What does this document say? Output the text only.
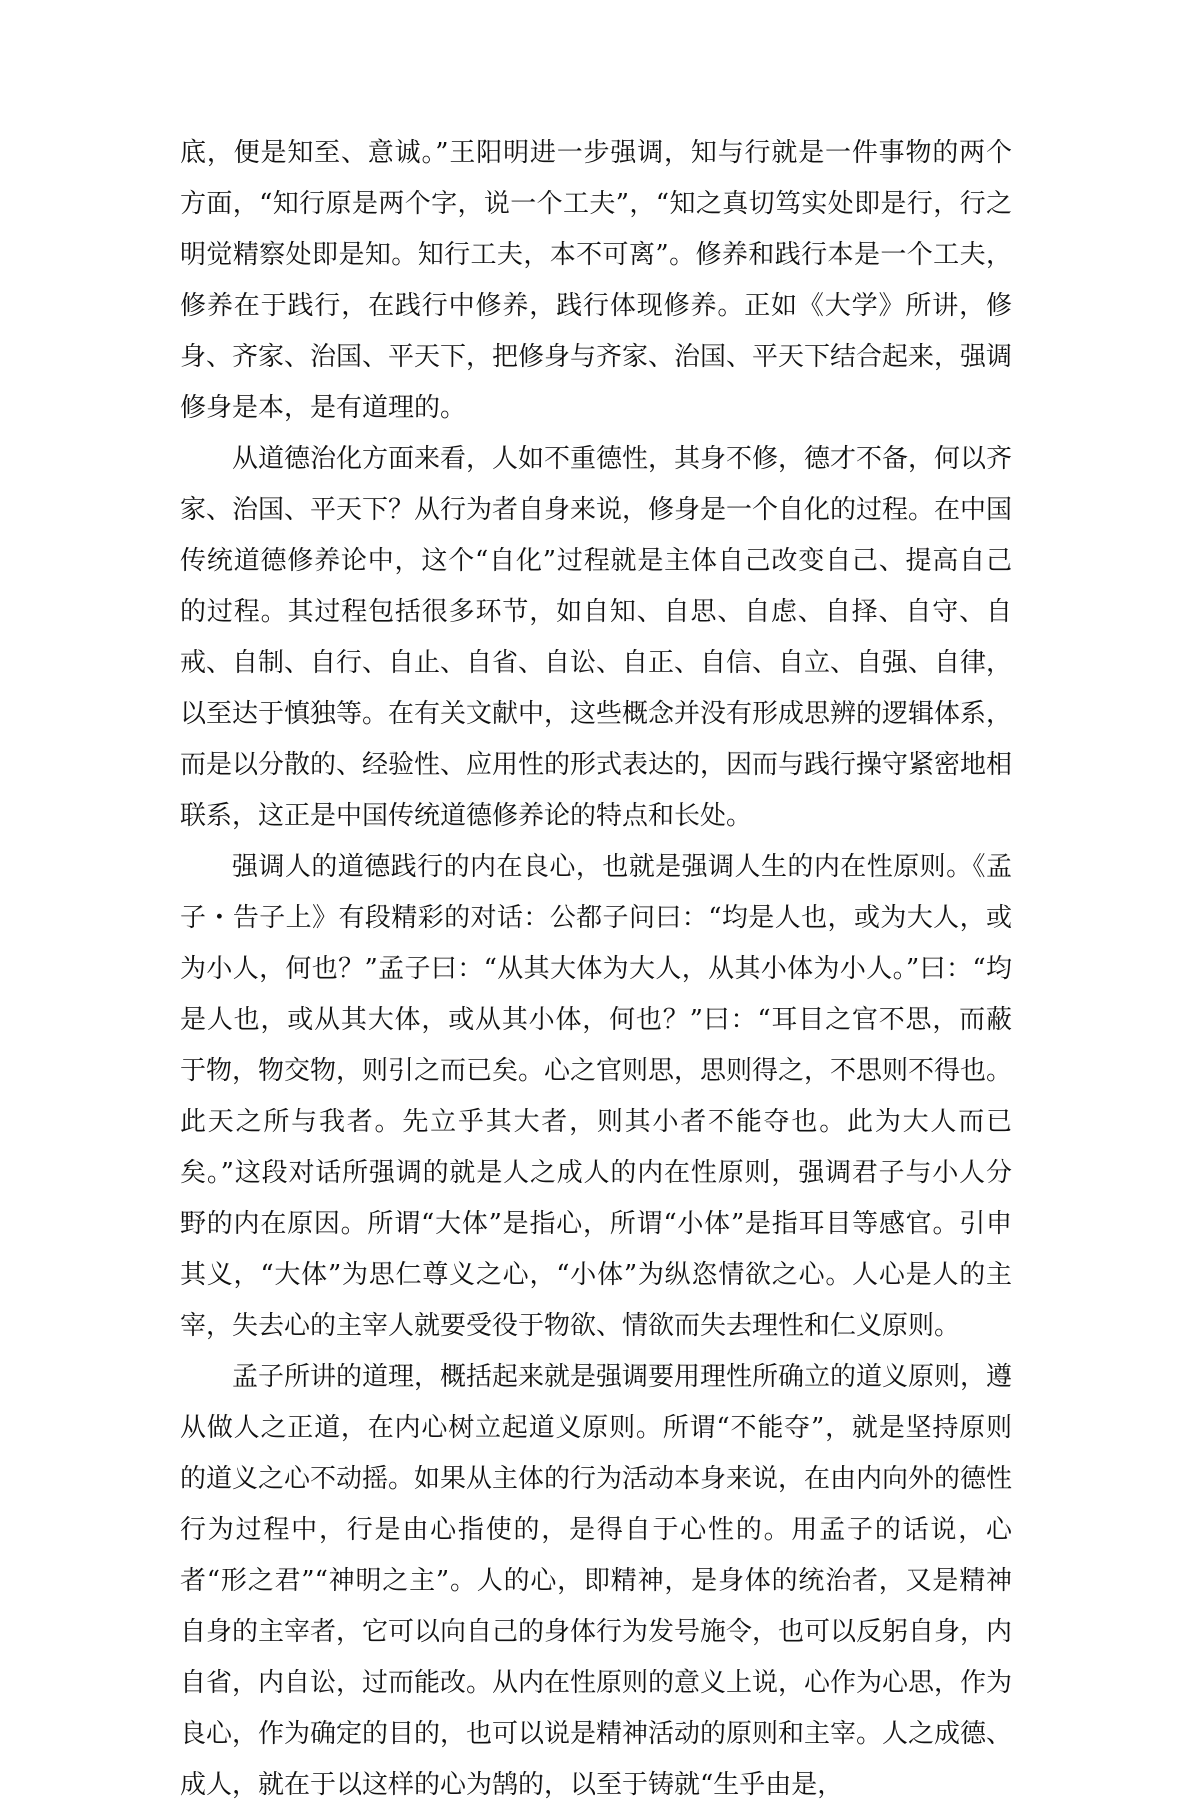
底，便是知至、意诚。”王阳明进一步强调，知与行就是一件事物的两个方面，“知行原是两个字，说一个工夫”，“知之真切笃实处即是行，行之明觉精察处即是知。知行工夫，本不可离”。修养和践行本是一个工夫，修养在于践行，在践行中修养，践行体现修养。正如《大学》所讲，修身、齐家、治国、平天下，把修身与齐家、治国、平天下结合起来，强调修身是本，是有道理的。

从道德治化方面来看，人如不重德性，其身不修，德才不备，何以齐家、治国、平天下？从行为者自身来说，修身是一个自化的过程。在中国传统道德修养论中，这个“自化”过程就是主体自己改变自己、提高自己的过程。其过程包括很多环节，如自知、自思、自虑、自择、自守、自戒、自制、自行、自止、自省、自讼、自正、自信、自立、自强、自律，以至达于慎独等。在有关文献中，这些概念并没有形成思辨的逻辑体系，而是以分散的、经验性、应用性的形式表达的，因而与践行操守紧密地相联系，这正是中国传统道德修养论的特点和长处。

强调人的道德践行的内在良心，也就是强调人生的内在性原则。《孟子・告子上》有段精彩的对话：公都子问曰：“均是人也，或为大人，或为小人，何也？”孟子曰：“从其大体为大人，从其小体为小人。”曰：“均是人也，或从其大体，或从其小体，何也？”曰：“耳目之官不思，而蔽于物，物交物，则引之而已矣。心之官则思，思则得之，不思则不得也。此天之所与我者。先立乎其大者，则其小者不能夺也。此为大人而已矣。”这段对话所强调的就是人之成人的内在性原则，强调君子与小人分野的内在原因。所谓“大体”是指心，所谓“小体”是指耳目等感官。引申其义，“大体”为思仁尊义之心，“小体”为纵恣情欲之心。人心是人的主宰，失去心的主宰人就要受役于物欲、情欲而失去理性和仁义原则。

孟子所讲的道理，概括起来就是强调要用理性所确立的道义原则，遵从做人之正道，在内心树立起道义原则。所谓“不能夺”，就是坚持原则的道义之心不动摇。如果从主体的行为活动本身来说，在由内向外的德性行为过程中，行是由心指使的，是得自于心性的。用孟子的话说，心者“形之君”“神明之主”。人的心，即精神，是身体的统治者，又是精神自身的主宰者，它可以向自己的身体行为发号施令，也可以反躬自身，内自省，内自讼，过而能改。从内在性原则的意义上说，心作为心思，作为良心，作为确定的目的，也可以说是精神活动的原则和主宰。人之成德、成人，就在于以这样的心为鹄的，以至于铸就“生乎由是，
